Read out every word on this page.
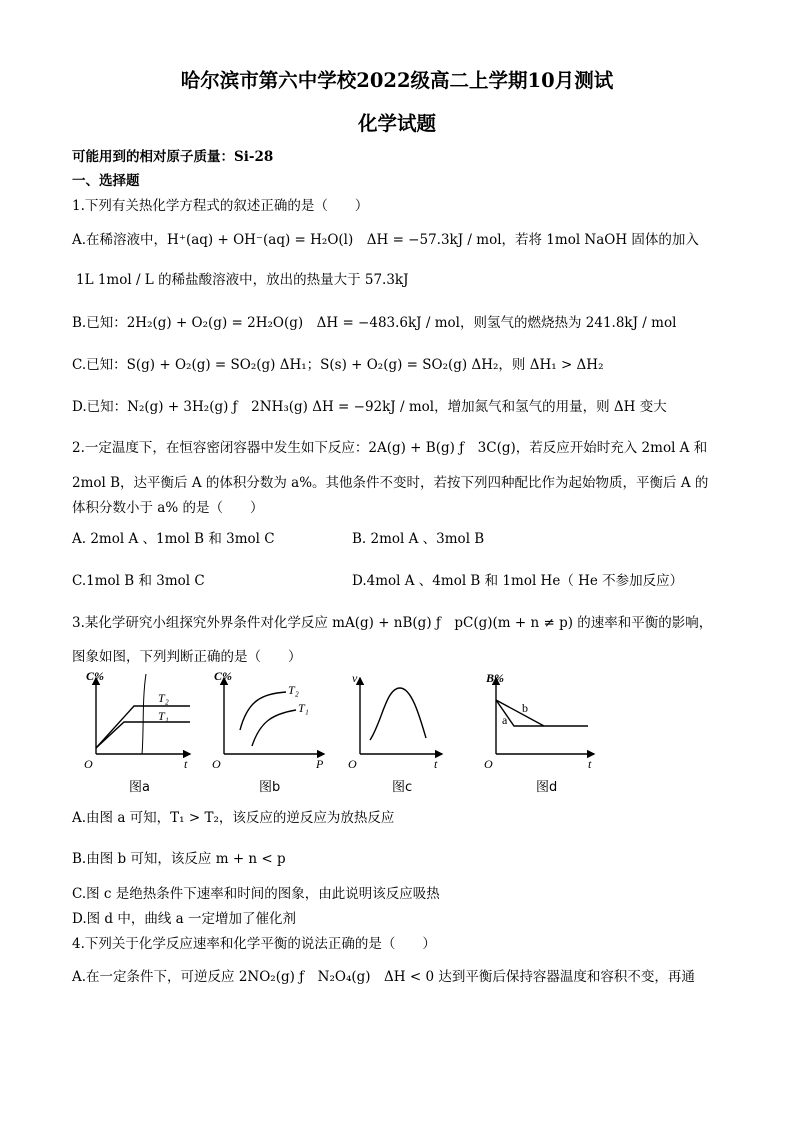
哈尔滨市第六中学校2022级高二上学期10月测试
化学试题
可能用到的相对原子质量：Si-28
一、选择题
1.下列有关热化学方程式的叙述正确的是（　　）
A.在稀溶液中，H⁺(aq) + OH⁻(aq) = H₂O(l)　ΔH = −57.3kJ / mol，若将 1mol NaOH 固体的加入
1L 1mol / L 的稀盐酸溶液中，放出的热量大于 57.3kJ
B.已知：2H₂(g) + O₂(g) = 2H₂O(g)　ΔH = −483.6kJ / mol，则氢气的燃烧热为 241.8kJ / mol
C.已知：S(g) + O₂(g) = SO₂(g) ΔH₁；S(s) + O₂(g) = SO₂(g) ΔH₂，则 ΔH₁ > ΔH₂
D.已知：N₂(g) + 3H₂(g) ƒ　2NH₃(g) ΔH = −92kJ / mol，增加氮气和氢气的用量，则 ΔH 变大
2.一定温度下，在恒容密闭容器中发生如下反应：2A(g) + B(g) ƒ　3C(g)，若反应开始时充入 2mol A 和
2mol B，达平衡后 A 的体积分数为 a%。其他条件不变时，若按下列四种配比作为起始物质，平衡后 A 的
体积分数小于 a% 的是（　　）
A. 2mol A 、1mol B 和 3mol C	B. 2mol A 、3mol B
C.1mol B 和 3mol C	D.4mol A 、4mol B 和 1mol He（ He 不参加反应）
3.某化学研究小组探究外界条件对化学反应 mA(g) + nB(g) ƒ　pC(g)(m + n ≠ p) 的速率和平衡的影响，
图象如图，下列判断正确的是（　　）
C%
T₂
T₁
O	t
图a
C%
T₂
T₁
O	P
图b
v
O	t
图c
B%
a
b
O	t
图d
A.由图 a 可知，T₁ > T₂，该反应的逆反应为放热反应
B.由图 b 可知，该反应 m + n < p
C.图 c 是绝热条件下速率和时间的图象，由此说明该反应吸热
D.图 d 中，曲线 a 一定增加了催化剂
4.下列关于化学反应速率和化学平衡的说法正确的是（　　）
A.在一定条件下，可逆反应 2NO₂(g) ƒ　N₂O₄(g)　ΔH < 0 达到平衡后保持容器温度和容积不变，再通
